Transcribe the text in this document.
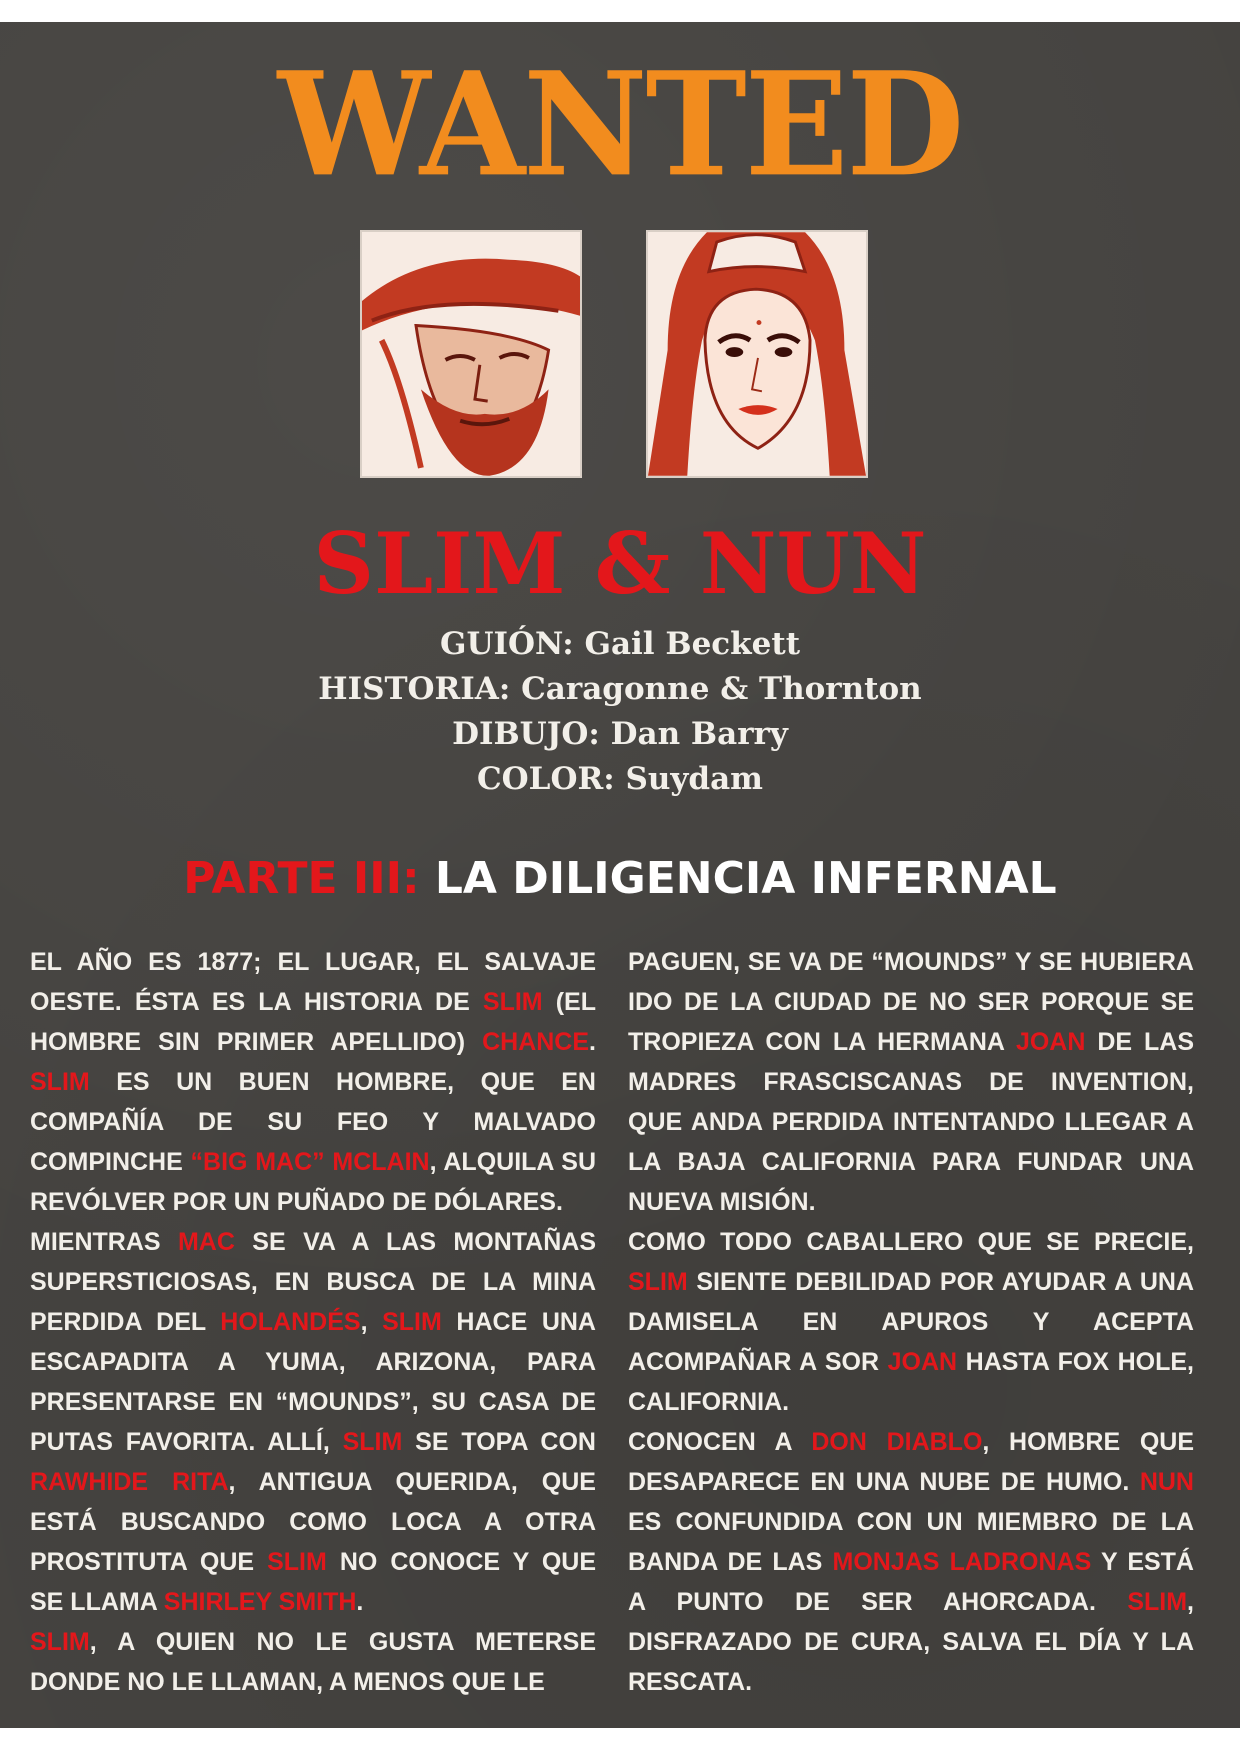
WANTED
SLIM & NUN
GUIÓN: Gail Beckett
HISTORIA: Caragonne & Thornton
DIBUJO: Dan Barry
COLOR: Suydam
PARTE III: LA DILIGENCIA INFERNAL

EL AÑO ES 1877; EL LUGAR, EL SALVAJE OESTE. ÉSTA ES LA HISTORIA DE SLIM (EL HOMBRE SIN PRIMER APELLIDO) CHANCE. SLIM ES UN BUEN HOMBRE, QUE EN COMPAÑÍA DE SU FEO Y MALVADO COMPINCHE “BIG MAC” MCLAIN, ALQUILA SU REVÓLVER POR UN PUÑADO DE DÓLARES.

MIENTRAS MAC SE VA A LAS MONTAÑAS SUPERSTICIOSAS, EN BUSCA DE LA MINA PERDIDA DEL HOLANDÉS, SLIM HACE UNA ESCAPADITA A YUMA, ARIZONA, PARA PRESENTARSE EN “MOUNDS”, SU CASA DE PUTAS FAVORITA. ALLÍ, SLIM SE TOPA CON RAWHIDE RITA, ANTIGUA QUERIDA, QUE ESTÁ BUSCANDO COMO LOCA A OTRA PROSTITUTA QUE SLIM NO CONOCE Y QUE SE LLAMA SHIRLEY SMITH.

SLIM, A QUIEN NO LE GUSTA METERSE DONDE NO LE LLAMAN, A MENOS QUE LE

PAGUEN, SE VA DE “MOUNDS” Y SE HUBIERA IDO DE LA CIUDAD DE NO SER PORQUE SE TROPIEZA CON LA HERMANA JOAN DE LAS MADRES FRASCISCANAS DE INVENTION, QUE ANDA PERDIDA INTENTANDO LLEGAR A LA BAJA CALIFORNIA PARA FUNDAR UNA NUEVA MISIÓN.

COMO TODO CABALLERO QUE SE PRECIE, SLIM SIENTE DEBILIDAD POR AYUDAR A UNA DAMISELA EN APUROS Y ACEPTA ACOMPAÑAR A SOR JOAN HASTA FOX HOLE, CALIFORNIA.

CONOCEN A DON DIABLO, HOMBRE QUE DESAPARECE EN UNA NUBE DE HUMO. NUN ES CONFUNDIDA CON UN MIEMBRO DE LA BANDA DE LAS MONJAS LADRONAS Y ESTÁ A PUNTO DE SER AHORCADA. SLIM, DISFRAZADO DE CURA, SALVA EL DÍA Y LA RESCATA.
